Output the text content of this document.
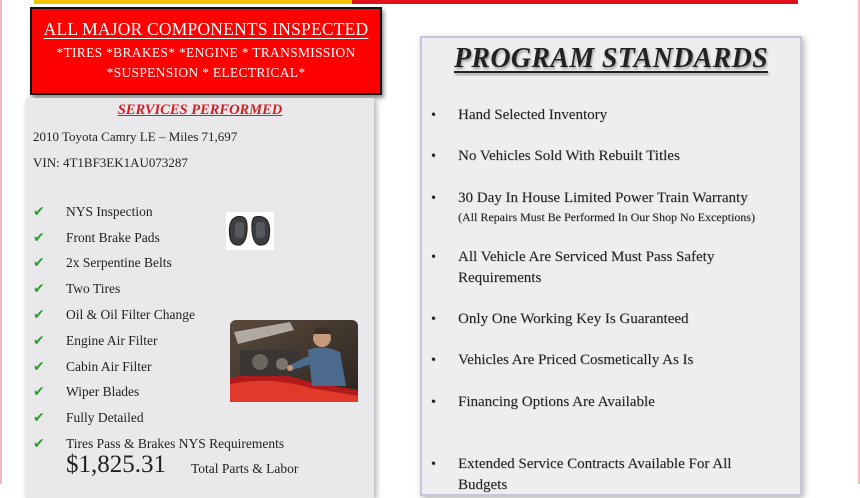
ALL MAJOR COMPONENTS INSPECTED
*TIRES *BRAKES* *ENGINE * TRANSMISSION
*SUSPENSION * ELECTRICAL*
SERVICES PERFORMED
2010 Toyota Camry LE – Miles 71,697
VIN: 4T1BF3EK1AU073287
✔	NYS Inspection
✔	Front Brake Pads
✔	2x Serpentine Belts
✔	Two Tires
✔	Oil & Oil Filter Change
✔	Engine Air Filter
✔	Cabin Air Filter
✔	Wiper Blades
✔	Fully Detailed
✔	Tires Pass & Brakes NYS Requirements
$1,825.31 Total Parts & Labor
PROGRAM STANDARDS
• Hand Selected Inventory
• No Vehicles Sold With Rebuilt Titles
• 30 Day In House Limited Power Train Warranty
(All Repairs Must Be Performed In Our Shop No Exceptions)
• All Vehicle Are Serviced Must Pass Safety Requirements
• Only One Working Key Is Guaranteed
• Vehicles Are Priced Cosmetically As Is
• Financing Options Are Available
• Extended Service Contracts Available For All Budgets
